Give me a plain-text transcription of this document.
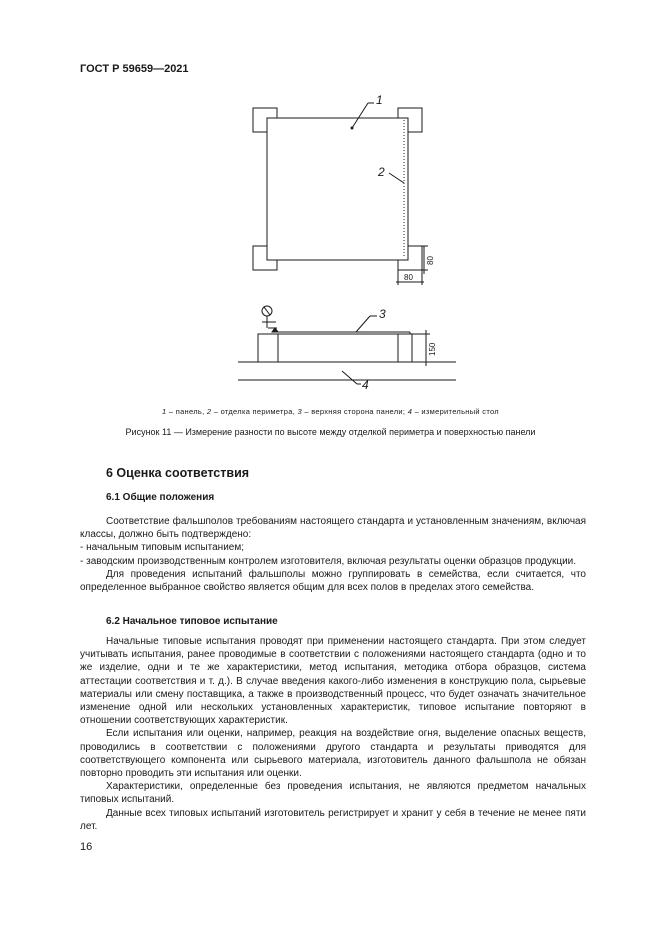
ГОСТ Р 59659—2021
1
2
3
4
80
80
150
1 – панель, 2 – отделка периметра, 3 – верхняя сторона панели; 4 – измерительный стол
Рисунок 11 — Измерение разности по высоте между отделкой периметра и поверхностью панели
6 Оценка соответствия
6.1 Общие положения

Соответствие фальшполов требованиям настоящего стандарта и установленным значениям, включая классы, должно быть подтверждено:

- начальным типовым испытанием;

- заводским производственным контролем изготовителя, включая результаты оценки образцов продукции.

Для проведения испытаний фальшполы можно группировать в семейства, если считается, что определенное выбранное свойство является общим для всех полов в пределах этого семейства.

6.2 Начальное типовое испытание

Начальные типовые испытания проводят при применении настоящего стандарта. При этом следует учитывать испытания, ранее проводимые в соответствии с положениями настоящего стандарта (одно и то же изделие, одни и те же характеристики, метод испытания, методика отбора образцов, система аттестации соответствия и т. д.). В случае введения какого-либо изменения в конструкцию пола, сырьевые материалы или смену поставщика, а также в производственный процесс, что будет означать значительное изменение одной или нескольких установленных характеристик, типовое испытание повторяют в отношении соответствующих характеристик.

Если испытания или оценки, например, реакция на воздействие огня, выделение опасных веществ, проводились в соответствии с положениями другого стандарта и результаты приводятся для соответствующего компонента или сырьевого материала, изготовитель данного фальшпола не обязан повторно проводить эти испытания или оценки.

Характеристики, определенные без проведения испытания, не являются предметом начальных типовых испытаний.

Данные всех типовых испытаний изготовитель регистрирует и хранит у себя в течение не менее пяти лет.

16
